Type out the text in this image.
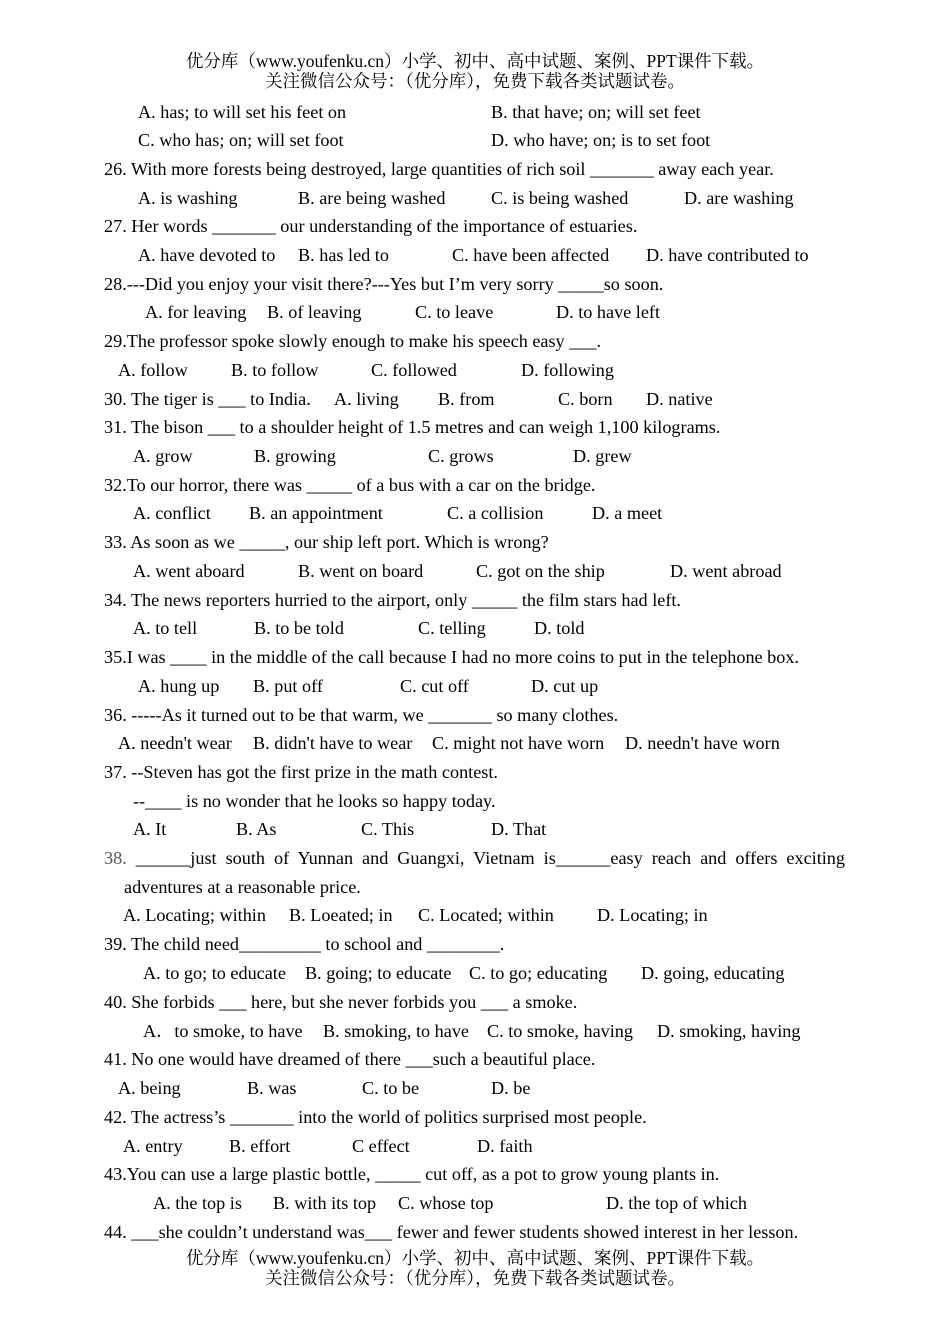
优分库（www.youfenku.cn）小学、初中、高中试题、案例、PPT课件下载。
关注微信公众号：（优分库），免费下载各类试题试卷。
A. has; to will set his feet on	B. that have; on; will set feet
C. who has; on; will set foot	D. who have; on; is to set foot
26. With more forests being destroyed, large quantities of rich soil _______ away each year.
A. is washing	B. are being washed	C. is being washed	D. are washing
27. Her words _______ our understanding of the importance of estuaries.
A. have devoted to B. has led to	C. have been affected D. have contributed to
28.---Did you enjoy your visit there?---Yes but I’m very sorry _____so soon.
A. for leaving B. of leaving	C. to leave	D. to have left
29.The professor spoke slowly enough to make his speech easy ___.
A. follow B. to follow	C. followed	D. following
30. The tiger is ___ to India. A. living B. from	C. born D. native
31. The bison ___ to a shoulder height of 1.5 metres and can weigh 1,100 kilograms.
A. grow	B. growing	C. grows	D. grew
32.To our horror, there was _____ of a bus with a car on the bridge.
A. conflict B. an appointment	C. a collision	D. a meet
33. As soon as we _____, our ship left port. Which is wrong?
A. went aboard	B. went on board	C. got on the ship	D. went abroad
34. The news reporters hurried to the airport, only _____ the film stars had left.
A. to tell	B. to be told	C. telling	D. told
35.I was ____ in the middle of the call because I had no more coins to put in the telephone box.
A. hung up B. put off	C. cut off	D. cut up
36. -----As it turned out to be that warm, we _______ so many clothes.
A. needn't wear B. didn't have to wear C. might not have worn D. needn't have worn
37. --Steven has got the first prize in the math contest.
--____ is no wonder that he looks so happy today.
A. It	B. As	C. This	D. That
38. ______just south of Yunnan and Guangxi, Vietnam is______easy reach and offers exciting
adventures at a reasonable price.
A. Locating; within B. Loeated; in C. Located; within D. Locating; in
39. The child need_________ to school and ________.
A. to go; to educate B. going; to educate C. to go; educating D. going, educating
40. She forbids ___ here, but she never forbids you ___ a smoke.
A．to smoke, to have B. smoking, to have C. to smoke, having D. smoking, having
41. No one would have dreamed of there ___such a beautiful place.
A. being	B. was	C. to be	D. be
42. The actress’s _______ into the world of politics surprised most people.
A. entry	B. effort	C effect	D. faith
43.You can use a large plastic bottle, _____ cut off, as a pot to grow young plants in.
A. the top is B. with its top C. whose top	D. the top of which
44. ___she couldn’t understand was___ fewer and fewer students showed interest in her lesson.
优分库（www.youfenku.cn）小学、初中、高中试题、案例、PPT课件下载。
关注微信公众号：（优分库），免费下载各类试题试卷。
